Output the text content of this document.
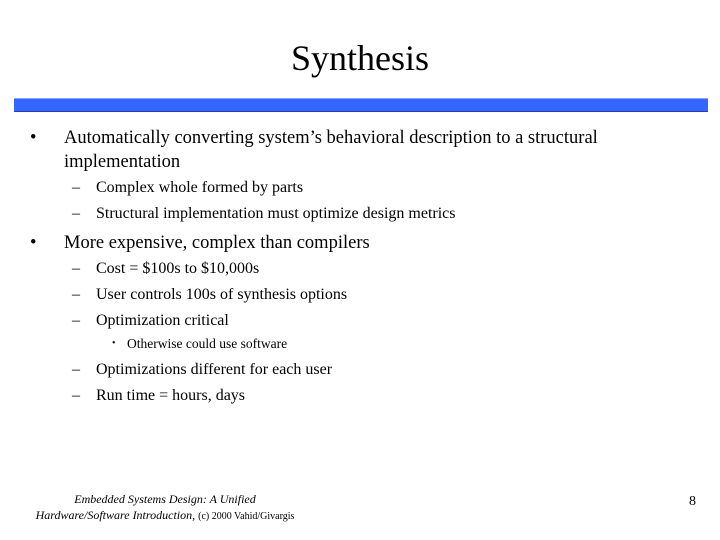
Synthesis
• Automatically converting system’s behavioral description to a structural implementation
– Complex whole formed by parts
– Structural implementation must optimize design metrics
• More expensive, complex than compilers
– Cost = $100s to $10,000s
– User controls 100s of synthesis options
– Optimization critical
• Otherwise could use software
– Optimizations different for each user
– Run time = hours, days
Embedded Systems Design: A Unified
Hardware/Software Introduction, (c) 2000 Vahid/Givargis
8
